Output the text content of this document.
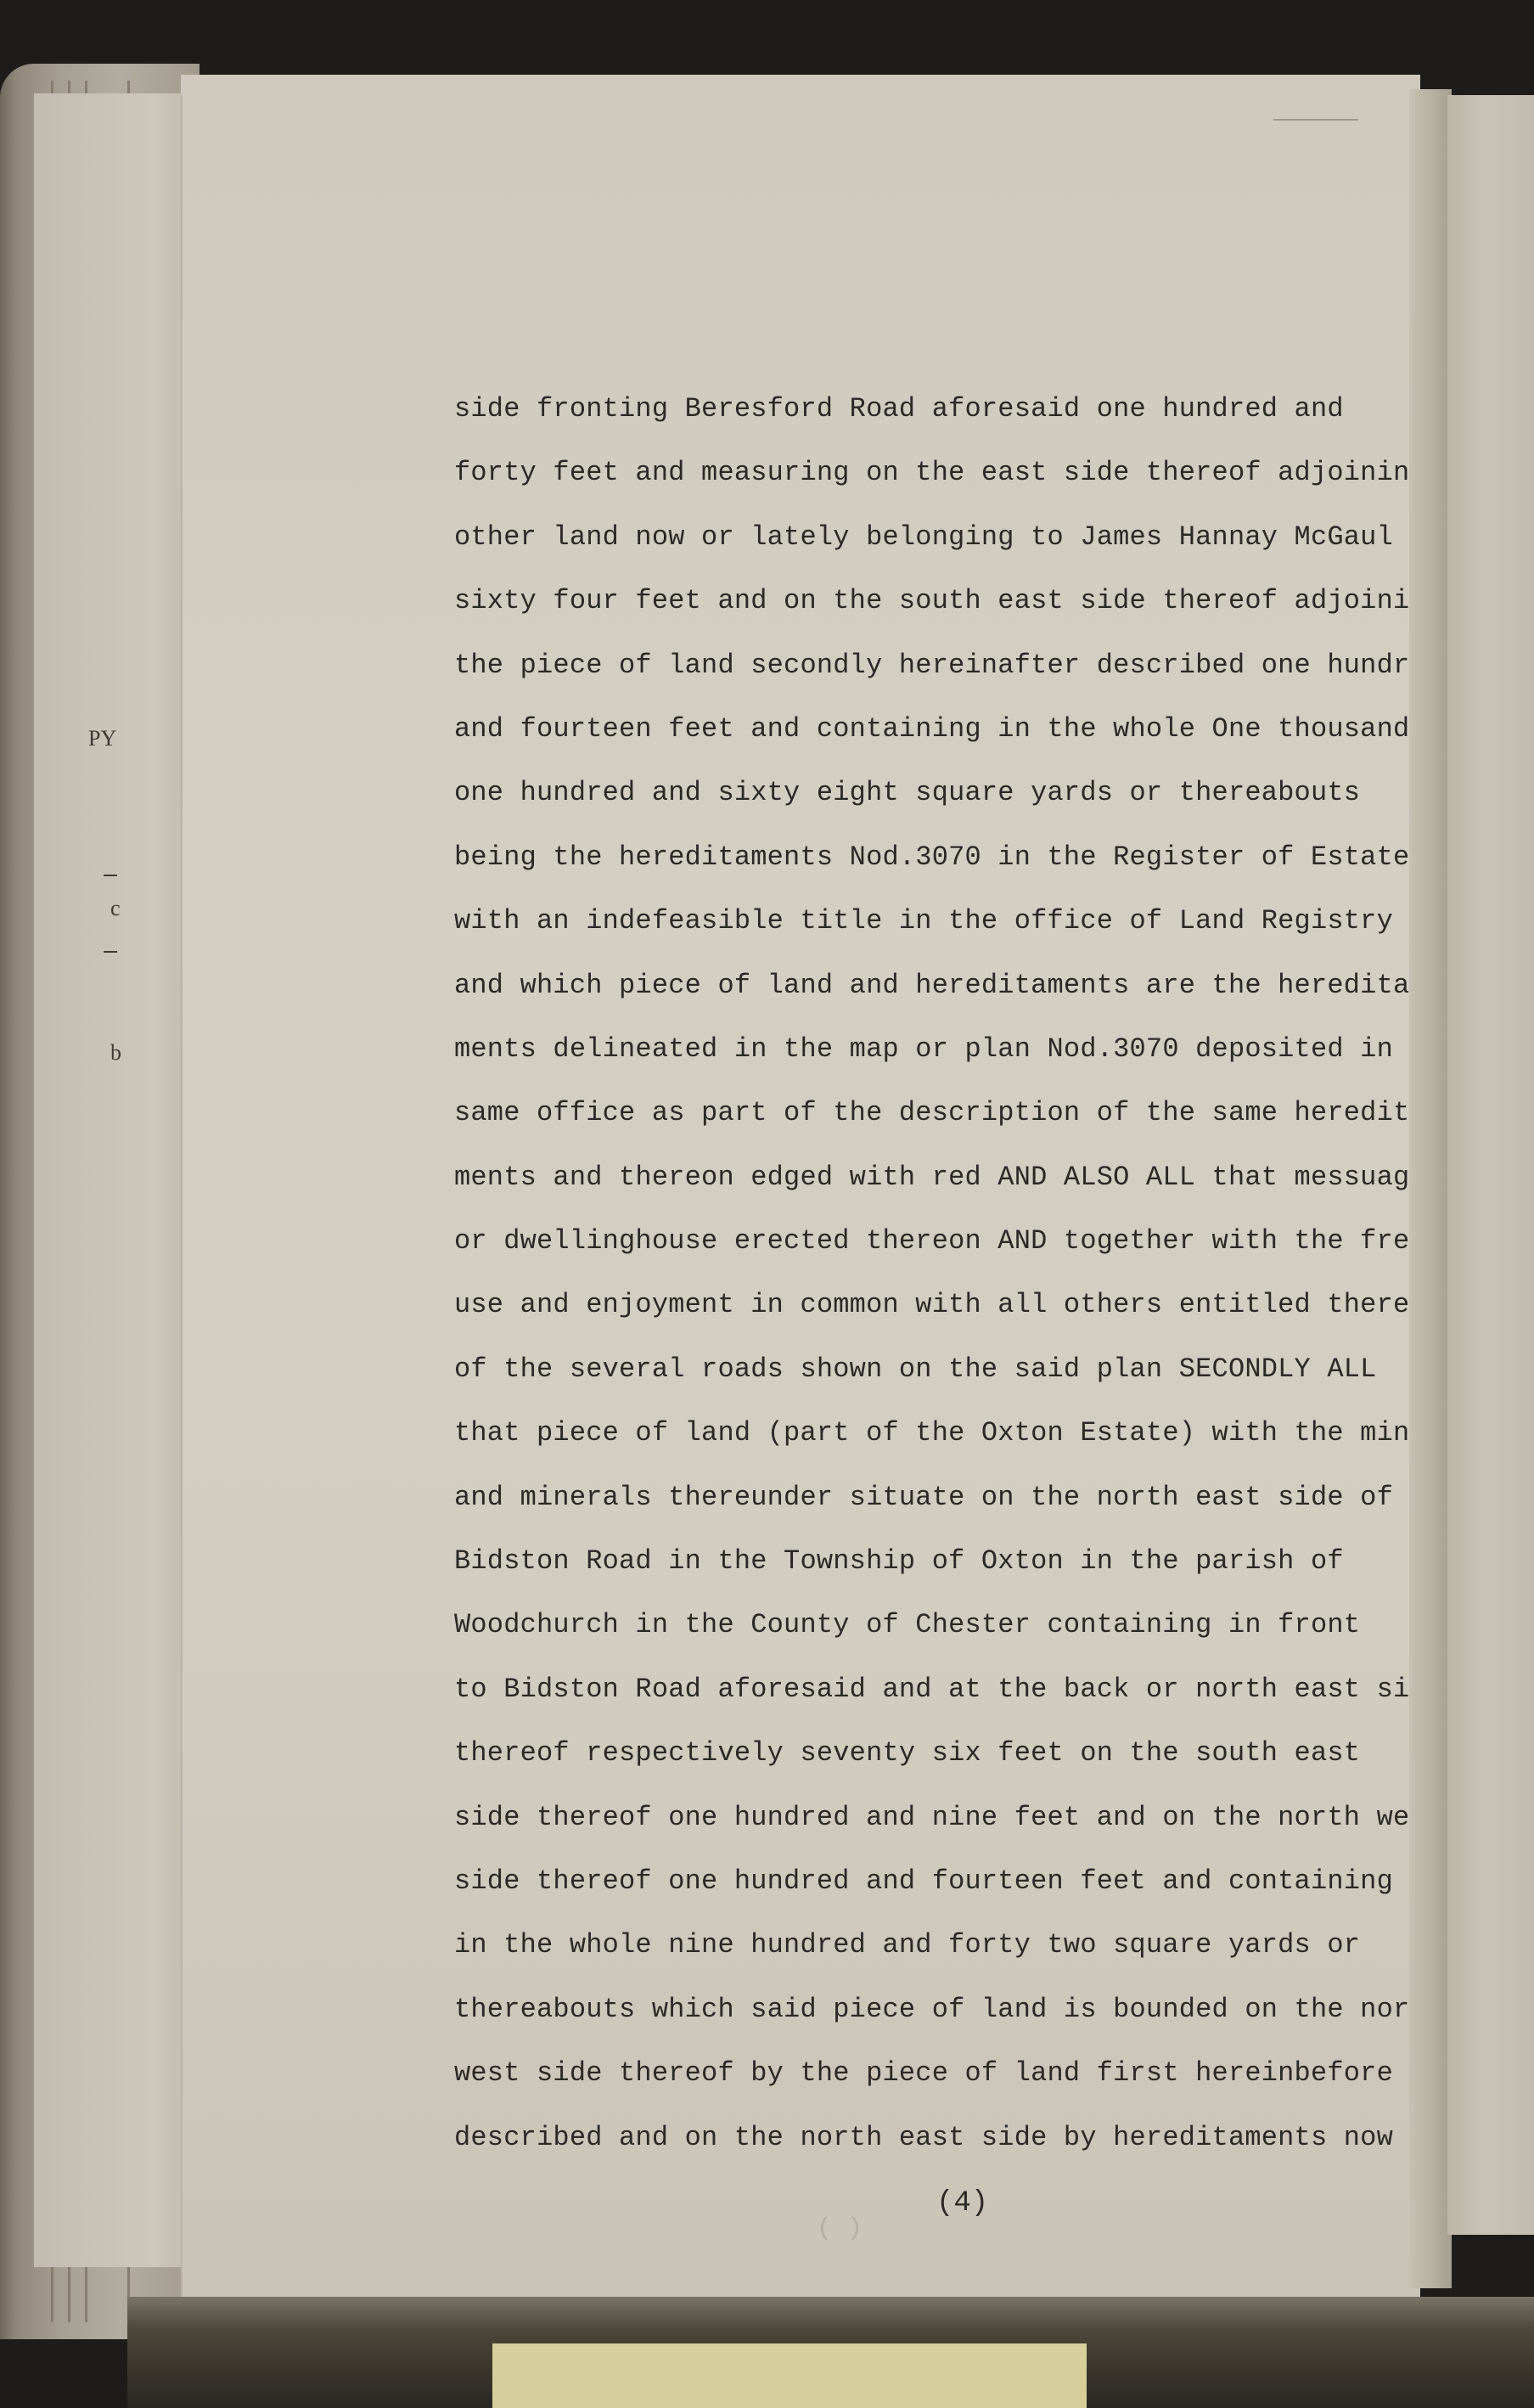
PY
c
b
side fronting Beresford Road aforesaid one hundred and
forty feet and measuring on the east side thereof adjoinin
other land now or lately belonging to James Hannay McGaul
sixty four feet and on the south east side thereof adjoini
the piece of land secondly hereinafter described one hundr
and fourteen feet and containing in the whole One thousand
one hundred and sixty eight square yards or thereabouts
being the hereditaments Nod.3070 in the Register of Estate
with an indefeasible title in the office of Land Registry
and which piece of land and hereditaments are the heredita
ments delineated in the map or plan Nod.3070 deposited in
same office as part of the description of the same heredit
ments and thereon edged with red AND ALSO ALL that messuag
or dwellinghouse erected thereon AND together with the fre
use and enjoyment in common with all others entitled there
of the several roads shown on the said plan SECONDLY ALL
that piece of land (part of the Oxton Estate) with the min
and minerals thereunder situate on the north east side of
Bidston Road in the Township of Oxton in the parish of
Woodchurch in the County of Chester containing in front
to Bidston Road aforesaid and at the back or north east si
thereof respectively seventy six feet on the south east
side thereof one hundred and nine feet and on the north we
side thereof one hundred and fourteen feet and containing
in the whole nine hundred and forty two square yards or
thereabouts which said piece of land is bounded on the nor
west side thereof by the piece of land first hereinbefore
described and on the north east side by hereditaments now
(4)
( )
